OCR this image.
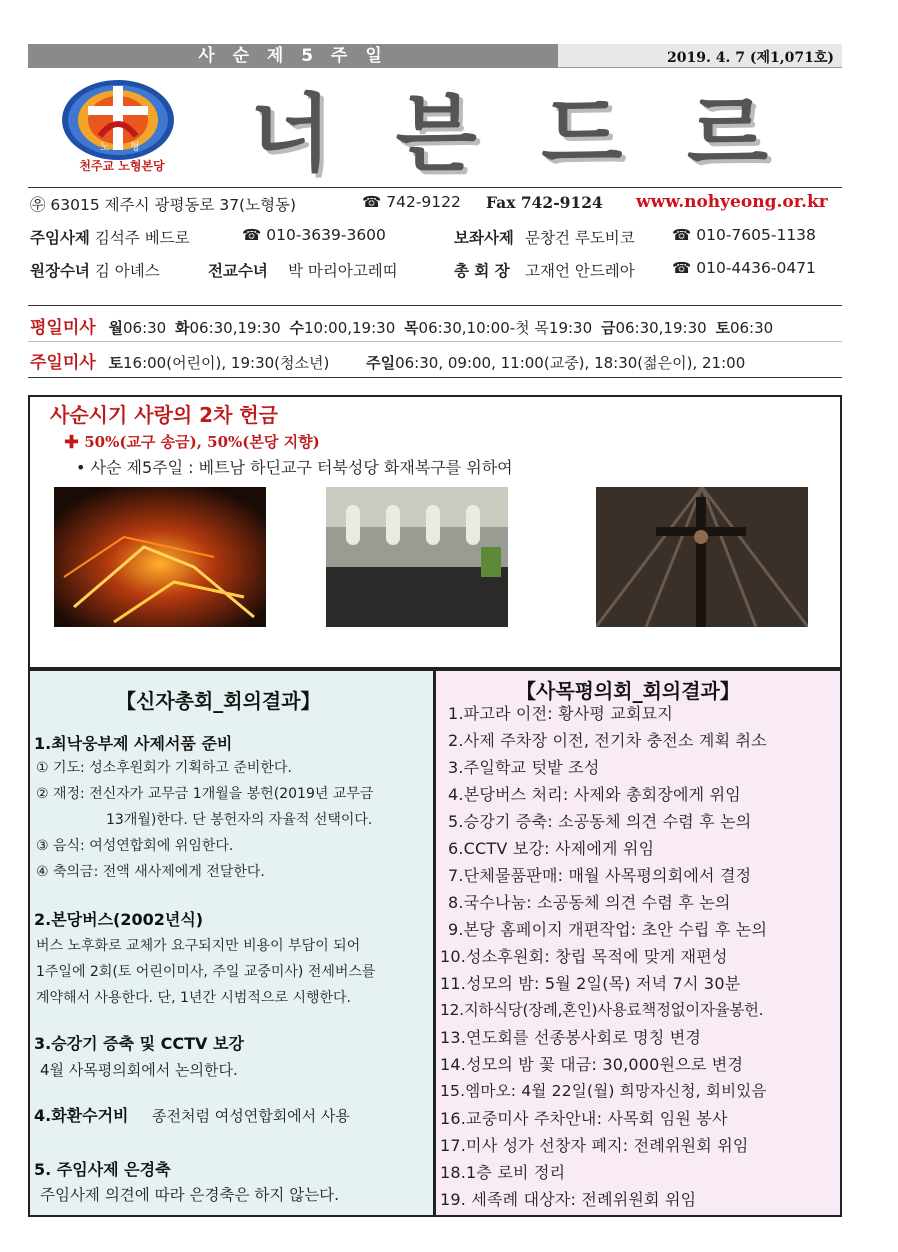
사 순 제 5 주 일	2019. 4. 7 (제1,071호)
노 형
천주교 노형본당 너 븐 드 르
㉾ 63015 제주시 광평동로 37(노형동)	☎ 742-9122 Fax 742-9124 www.nohyeong.or.kr
주임사제 김석주 베드로	☎ 010-3639-3600	보좌사제 문창건 루도비코 ☎ 010-7605-1138
원장수녀 김 아녜스	전교수녀 박 마리아고레띠	총 회 장 고재언 안드레아 ☎ 010-4436-0471
평일미사 월06:30 화06:30,19:30 수10:00,19:30 목06:30,10:00-첫 목19:30 금06:30,19:30 토06:30
주일미사 토16:00(어린이), 19:30(청소년) 주일06:30, 09:00, 11:00(교중), 18:30(젊은이), 21:00
사순시기 사랑의 2차 헌금
✚ 50%(교구 송금), 50%(본당 지향)
• 사순 제5주일 : 베트남 하딘교구 터북성당 화재복구를 위하여
【신자총회_회의결과】
1.최낙웅부제 사제서품 준비
① 기도: 성소후원회가 기획하고 준비한다.
② 재정: 전신자가 교무금 1개월을 봉헌(2019년 교무금
13개월)한다. 단 봉헌자의 자율적 선택이다.
③ 음식: 여성연합회에 위임한다.
④ 축의금: 전액 새사제에게 전달한다.
2.본당버스(2002년식)
버스 노후화로 교체가 요구되지만 비용이 부담이 되어
1주일에 2회(토 어린이미사, 주일 교중미사) 전세버스를
계약해서 사용한다. 단, 1년간 시범적으로 시행한다.
3.승강기 증축 및 CCTV 보강
4월 사목평의회에서 논의한다.
4.화환수거비 종전처럼 여성연합회에서 사용
5. 주임사제 은경축
주임사제 의견에 따라 은경축은 하지 않는다.
【사목평의회_회의결과】
1.파고라 이전: 황사평 교회묘지
2.사제 주차장 이전, 전기차 충전소 계획 취소
3.주일학교 텃밭 조성
4.본당버스 처리: 사제와 총회장에게 위임
5.승강기 증축: 소공동체 의견 수렴 후 논의
6.CCTV 보강: 사제에게 위임
7.단체물품판매: 매월 사목평의회에서 결정
8.국수나눔: 소공동체 의견 수렴 후 논의
9.본당 홈페이지 개편작업: 초안 수립 후 논의
10.성소후원회: 창립 목적에 맞게 재편성
11.성모의 밤: 5월 2일(목) 저녁 7시 30분
12.지하식당(장례,혼인)사용료책정없이자율봉헌.
13.연도회를 선종봉사회로 명칭 변경
14.성모의 밤 꽃 대금: 30,000원으로 변경
15.엠마오: 4월 22일(월) 희망자신청, 회비있음
16.교중미사 주차안내: 사목회 임원 봉사
17.미사 성가 선창자 폐지: 전례위원회 위임
18.1층 로비 정리
19. 세족례 대상자: 전례위원회 위임
